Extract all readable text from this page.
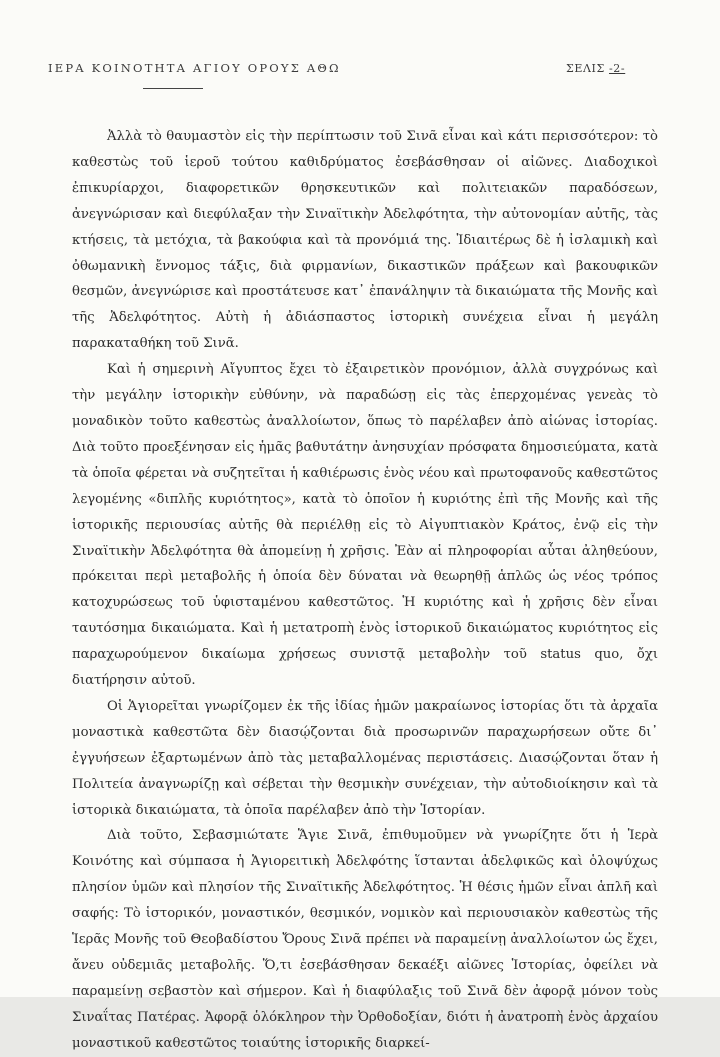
ΙΕΡΑ ΚΟΙΝΟΤΗΤΑ ΑΓΙΟΥ ΟΡΟΥΣ ΑΘΩ	ΣΕΛΙΣ -2-

Ἀλλὰ τὸ θαυμαστὸν εἰς τὴν περίπτωσιν τοῦ Σινᾶ εἶναι καὶ κάτι περισσότερον: τὸ καθεστὼς τοῦ ἱεροῦ τούτου καθιδρύματος ἐσεβάσθησαν οἱ αἰῶνες. Διαδοχικοὶ ἐπικυρίαρχοι, διαφορετικῶν θρησκευτικῶν καὶ πολιτειακῶν παραδόσεων, ἀνεγνώρισαν καὶ διεφύλαξαν τὴν Σιναϊτικὴν Ἀδελφότητα, τὴν αὐτονομίαν αὐτῆς, τὰς κτήσεις, τὰ μετόχια, τὰ βακούφια καὶ τὰ προνόμιά της. Ἰδιαιτέρως δὲ ἡ ἰσλαμικὴ καὶ ὀθωμανικὴ ἔννομος τάξις, διὰ φιρμανίων, δικαστικῶν πράξεων καὶ βακουφικῶν θεσμῶν, ἀνεγνώρισε καὶ προστάτευσε κατ᾽ ἐπανάληψιν τὰ δικαιώματα τῆς Μονῆς καὶ τῆς Ἀδελφότητος. Αὐτὴ ἡ ἀδιάσπαστος ἱστορικὴ συνέχεια εἶναι ἡ μεγάλη παρακαταθήκη τοῦ Σινᾶ.

Καὶ ἡ σημερινὴ Αἴγυπτος ἔχει τὸ ἐξαιρετικὸν προνόμιον, ἀλλὰ συγχρόνως καὶ τὴν μεγάλην ἱστορικὴν εὐθύνην, νὰ παραδώσῃ εἰς τὰς ἐπερχομένας γενεὰς τὸ μοναδικὸν τοῦτο καθεστὼς ἀναλλοίωτον, ὅπως τὸ παρέλαβεν ἀπὸ αἰώνας ἱστορίας. Διὰ τοῦτο προεξένησαν εἰς ἡμᾶς βαθυτάτην ἀνησυχίαν πρόσφατα δημοσιεύματα, κατὰ τὰ ὁποῖα φέρεται νὰ συζητεῖται ἡ καθιέρωσις ἑνὸς νέου καὶ πρωτοφανοῦς καθεστῶτος λεγομένης «διπλῆς κυριότητος», κατὰ τὸ ὁποῖον ἡ κυριότης ἐπὶ τῆς Μονῆς καὶ τῆς ἱστορικῆς περιουσίας αὐτῆς θὰ περιέλθῃ εἰς τὸ Αἰγυπτιακὸν Κράτος, ἐνῷ εἰς τὴν Σιναϊτικὴν Ἀδελφότητα θὰ ἀπομείνῃ ἡ χρῆσις. Ἐὰν αἱ πληροφορίαι αὗται ἀληθεύουν, πρόκειται περὶ μεταβολῆς ἡ ὁποία δὲν δύναται νὰ θεωρηθῇ ἁπλῶς ὡς νέος τρόπος κατοχυρώσεως τοῦ ὑφισταμένου καθεστῶτος. Ἡ κυριότης καὶ ἡ χρῆσις δὲν εἶναι ταυτόσημα δικαιώματα. Καὶ ἡ μετατροπὴ ἑνὸς ἱστορικοῦ δικαιώματος κυριότητος εἰς παραχωρούμενον δικαίωμα χρήσεως συνιστᾷ μεταβολὴν τοῦ status quo, ὄχι διατήρησιν αὐτοῦ.

Οἱ Ἁγιορεῖται γνωρίζομεν ἐκ τῆς ἰδίας ἡμῶν μακραίωνος ἱστορίας ὅτι τὰ ἀρχαῖα μοναστικὰ καθεστῶτα δὲν διασῴζονται διὰ προσωρινῶν παραχωρήσεων οὔτε δι᾽ ἐγγυήσεων ἐξαρτωμένων ἀπὸ τὰς μεταβαλλομένας περιστάσεις. Διασῴζονται ὅταν ἡ Πολιτεία ἀναγνωρίζῃ καὶ σέβεται τὴν θεσμικὴν συνέχειαν, τὴν αὐτοδιοίκησιν καὶ τὰ ἱστορικὰ δικαιώματα, τὰ ὁποῖα παρέλαβεν ἀπὸ τὴν Ἱστορίαν.

Διὰ τοῦτο, Σεβασμιώτατε Ἅγιε Σινᾶ, ἐπιθυμοῦμεν νὰ γνωρίζητε ὅτι ἡ Ἱερὰ Κοινότης καὶ σύμπασα ἡ Ἁγιορειτικὴ Ἀδελφότης ἵστανται ἀδελφικῶς καὶ ὁλοψύχως πλησίον ὑμῶν καὶ πλησίον τῆς Σιναϊτικῆς Ἀδελφότητος. Ἡ θέσις ἡμῶν εἶναι ἁπλῆ καὶ σαφής: Τὸ ἱστορικόν, μοναστικόν, θεσμικόν, νομικὸν καὶ περιουσιακὸν καθεστὼς τῆς Ἱερᾶς Μονῆς τοῦ Θεοβαδίστου Ὄρους Σινᾶ πρέπει νὰ παραμείνῃ ἀναλλοίωτον ὡς ἔχει, ἄνευ οὐδεμιᾶς μεταβολῆς. Ὅ,τι ἐσεβάσθησαν δεκαέξι αἰῶνες Ἱστορίας, ὀφείλει νὰ παραμείνῃ σεβαστὸν καὶ σήμερον. Καὶ ἡ διαφύλαξις τοῦ Σινᾶ δὲν ἀφορᾷ μόνον τοὺς Σιναΐτας Πατέρας. Ἀφορᾷ ὁλόκληρον τὴν Ὀρθοδοξίαν, διότι ἡ ἀνατροπὴ ἑνὸς ἀρχαίου μοναστικοῦ καθεστῶτος τοιαύτης ἱστορικῆς διαρκεί-
